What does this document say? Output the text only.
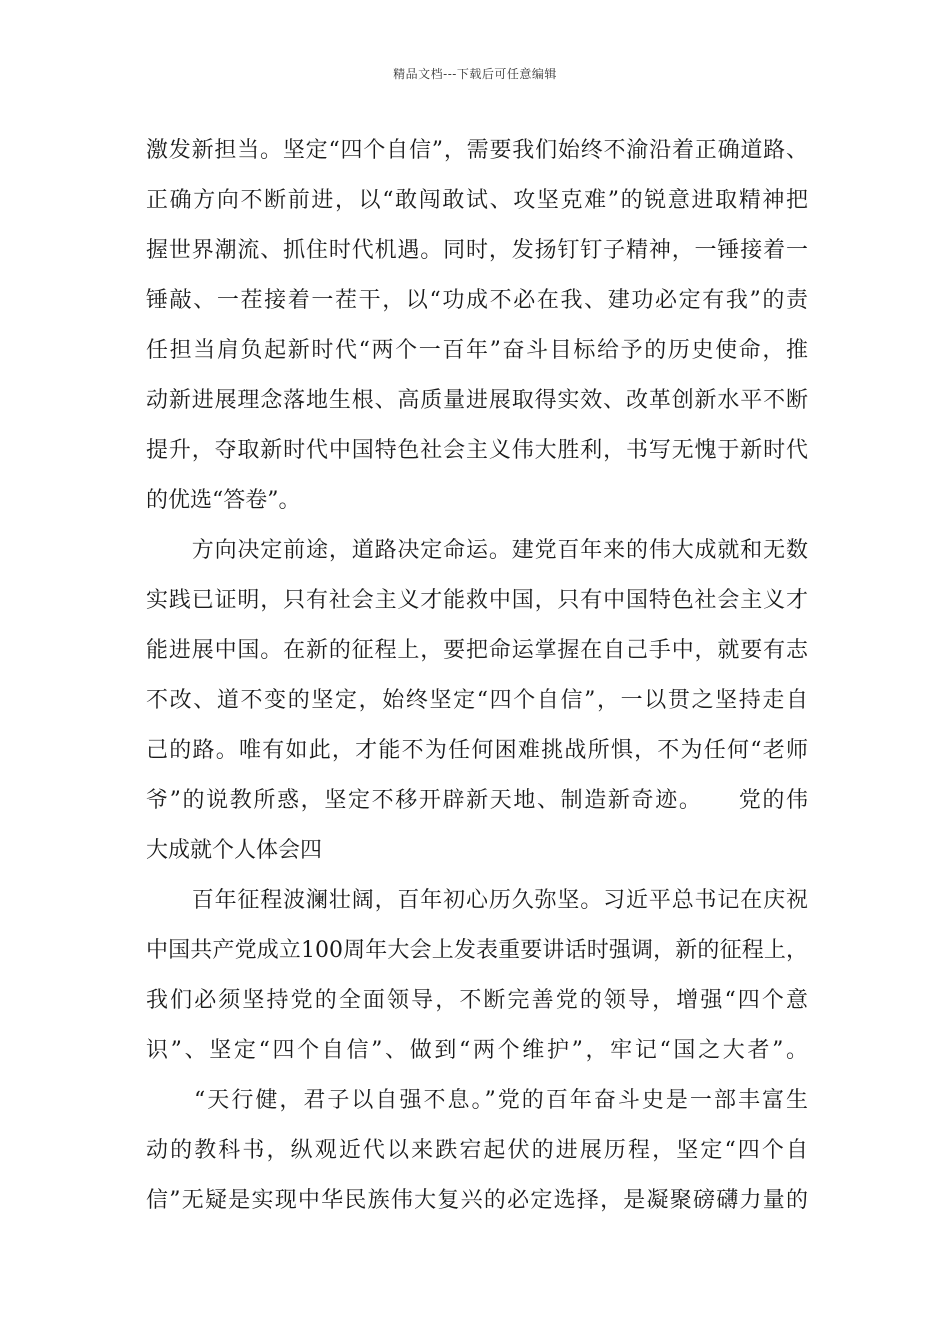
精品文档---下载后可任意编辑
激发新担当。坚定“四个自信”，需要我们始终不渝沿着正确道路、
正确方向不断前进，以“敢闯敢试、攻坚克难”的锐意进取精神把
握世界潮流、抓住时代机遇。同时，发扬钉钉子精神，一锤接着一
锤敲、一茬接着一茬干，以“功成不必在我、建功必定有我”的责
任担当肩负起新时代“两个一百年”奋斗目标给予的历史使命，推
动新进展理念落地生根、高质量进展取得实效、改革创新水平不断
提升，夺取新时代中国特色社会主义伟大胜利，书写无愧于新时代
的优选“答卷”。
　　方向决定前途，道路决定命运。建党百年来的伟大成就和无数
实践已证明，只有社会主义才能救中国，只有中国特色社会主义才
能进展中国。在新的征程上，要把命运掌握在自己手中，就要有志
不改、道不变的坚定，始终坚定“四个自信”，一以贯之坚持走自
己的路。唯有如此，才能不为任何困难挑战所惧，不为任何“老师
爷”的说教所惑，坚定不移开辟新天地、制造新奇迹。　　党的伟
大成就个人体会四
　　百年征程波澜壮阔，百年初心历久弥坚。习近平总书记在庆祝
中国共产党成立100周年大会上发表重要讲话时强调，新的征程上，
我们必须坚持党的全面领导，不断完善党的领导，增强“四个意
识”、坚定“四个自信”、做到“两个维护”，牢记“国之大者”。
　　“天行健，君子以自强不息。”党的百年奋斗史是一部丰富生
动的教科书，纵观近代以来跌宕起伏的进展历程，坚定“四个自
信”无疑是实现中华民族伟大复兴的必定选择，是凝聚磅礴力量的
